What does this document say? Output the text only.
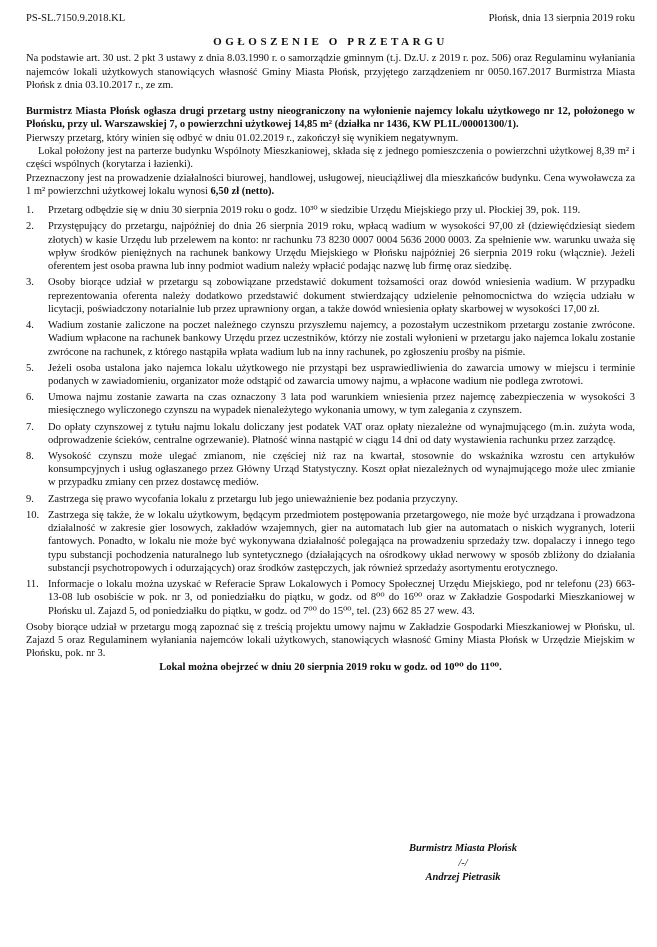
PS-SL.7150.9.2018.KL	Płońsk, dnia 13 sierpnia 2019 roku
OGŁOSZENIE O PRZETARGU
Na podstawie art. 30 ust. 2 pkt 3 ustawy z dnia 8.03.1990 r. o samorządzie gminnym (t.j. Dz.U. z 2019 r. poz. 506) oraz Regulaminu wyłaniania najemców lokali użytkowych stanowiących własność Gminy Miasta Płońsk, przyjętego zarządzeniem nr 0050.167.2017 Burmistrza Miasta Płońsk z dnia 03.10.2017 r., ze zm.
Burmistrz Miasta Płońsk ogłasza drugi przetarg ustny nieograniczony na wyłonienie najemcy lokalu użytkowego nr 12, położonego w Płońsku, przy ul. Warszawskiej 7, o powierzchni użytkowej 14,85 m² (działka nr 1436, KW PL1L/00001300/1).
Pierwszy przetarg, który winien się odbyć w dniu 01.02.2019 r., zakończył się wynikiem negatywnym.
Lokal położony jest na parterze budynku Wspólnoty Mieszkaniowej, składa się z jednego pomieszczenia o powierzchni użytkowej 8,39 m² i części wspólnych (korytarza i łazienki).
Przeznaczony jest na prowadzenie działalności biurowej, handlowej, usługowej, nieuciążliwej dla mieszkańców budynku. Cena wywoławcza za 1 m² powierzchni użytkowej lokalu wynosi 6,50 zł (netto).
1.	Przetarg odbędzie się w dniu 30 sierpnia 2019 roku o godz. 10³⁰ w siedzibie Urzędu Miejskiego przy ul. Płockiej 39, pok. 119.
2.	Przystępujący do przetargu, najpóźniej do dnia 26 sierpnia 2019 roku, wpłacą wadium w wysokości 97,00 zł (dziewięćdziesiąt siedem złotych) w kasie Urzędu lub przelewem na konto: nr rachunku 73 8230 0007 0004 5636 2000 0003. Za spełnienie ww. warunku uważa się wpływ środków pieniężnych na rachunek bankowy Urzędu Miejskiego w Płońsku najpóźniej 26 sierpnia 2019 roku (włącznie). Jeżeli oferentem jest osoba prawna lub inny podmiot wadium należy wpłacić podając nazwę lub firmę oraz siedzibę.
3.	Osoby biorące udział w przetargu są zobowiązane przedstawić dokument tożsamości oraz dowód wniesienia wadium. W przypadku reprezentowania oferenta należy dodatkowo przedstawić dokument stwierdzający udzielenie pełnomocnictwa do wzięcia udziału w licytacji, poświadczony notarialnie lub przez uprawniony organ, a także dowód wniesienia opłaty skarbowej w wysokości 17,00 zł.
4.	Wadium zostanie zaliczone na poczet należnego czynszu przyszłemu najemcy, a pozostałym uczestnikom przetargu zostanie zwrócone. Wadium wpłacone na rachunek bankowy Urzędu przez uczestników, którzy nie zostali wyłonieni w przetargu jako najemca lokalu zostanie zwrócone na rachunek, z którego nastąpiła wpłata wadium lub na inny rachunek, po zgłoszeniu prośby na piśmie.
5.	Jeżeli osoba ustalona jako najemca lokalu użytkowego nie przystąpi bez usprawiedliwienia do zawarcia umowy w miejscu i terminie podanych w zawiadomieniu, organizator może odstąpić od zawarcia umowy najmu, a wpłacone wadium nie podlega zwrotowi.
6.	Umowa najmu zostanie zawarta na czas oznaczony 3 lata pod warunkiem wniesienia przez najemcę zabezpieczenia w wysokości 3 miesięcznego wyliczonego czynszu na wypadek nienależytego wykonania umowy, w tym zalegania z czynszem.
7.	Do opłaty czynszowej z tytułu najmu lokalu doliczany jest podatek VAT oraz opłaty niezależne od wynajmującego (m.in. zużyta woda, odprowadzenie ścieków, centralne ogrzewanie). Płatność winna nastąpić w ciągu 14 dni od daty wystawienia rachunku przez zarządcę.
8.	Wysokość czynszu może ulegać zmianom, nie częściej niż raz na kwartał, stosownie do wskaźnika wzrostu cen artykułów konsumpcyjnych i usług ogłaszanego przez Główny Urząd Statystyczny. Koszt opłat niezależnych od wynajmującego może ulec zmianie w przypadku zmiany cen przez dostawcę mediów.
9.	Zastrzega się prawo wycofania lokalu z przetargu lub jego unieważnienie bez podania przyczyny.
10. Zastrzega się także, że w lokalu użytkowym, będącym przedmiotem postępowania przetargowego, nie może być urządzana i prowadzona działalność w zakresie gier losowych, zakładów wzajemnych, gier na automatach lub gier na automatach o niskich wygranych, loterii fantowych. Ponadto, w lokalu nie może być wykonywana działalność polegająca na prowadzeniu sprzedaży tzw. dopalaczy i innego tego typu substancji pochodzenia naturalnego lub syntetycznego (działających na ośrodkowy układ nerwowy w sposób zbliżony do działania substancji psychotropowych i odurzających) oraz środków zastępczych, jak również sprzedaży asortymentu erotycznego.
11. Informacje o lokalu można uzyskać w Referacie Spraw Lokalowych i Pomocy Społecznej Urzędu Miejskiego, pod nr telefonu (23) 663-13-08 lub osobiście w pok. nr 3, od poniedziałku do piątku, w godz. od 8⁰⁰ do 16⁰⁰ oraz w Zakładzie Gospodarki Mieszkaniowej w Płońsku ul. Zajazd 5, od poniedziałku do piątku, w godz. od 7⁰⁰ do 15⁰⁰, tel. (23) 662 85 27 wew. 43.
Osoby biorące udział w przetargu mogą zapoznać się z treścią projektu umowy najmu w Zakładzie Gospodarki Mieszkaniowej w Płońsku, ul. Zajazd 5 oraz Regulaminem wyłaniania najemców lokali użytkowych, stanowiących własność Gminy Miasta Płońsk w Urzędzie Miejskim w Płońsku, pok. nr 3.
Lokal można obejrzeć w dniu 20 sierpnia 2019 roku w godz. od 10⁰⁰ do 11⁰⁰.
Burmistrz Miasta Płońsk
/-/
Andrzej Pietrasik
